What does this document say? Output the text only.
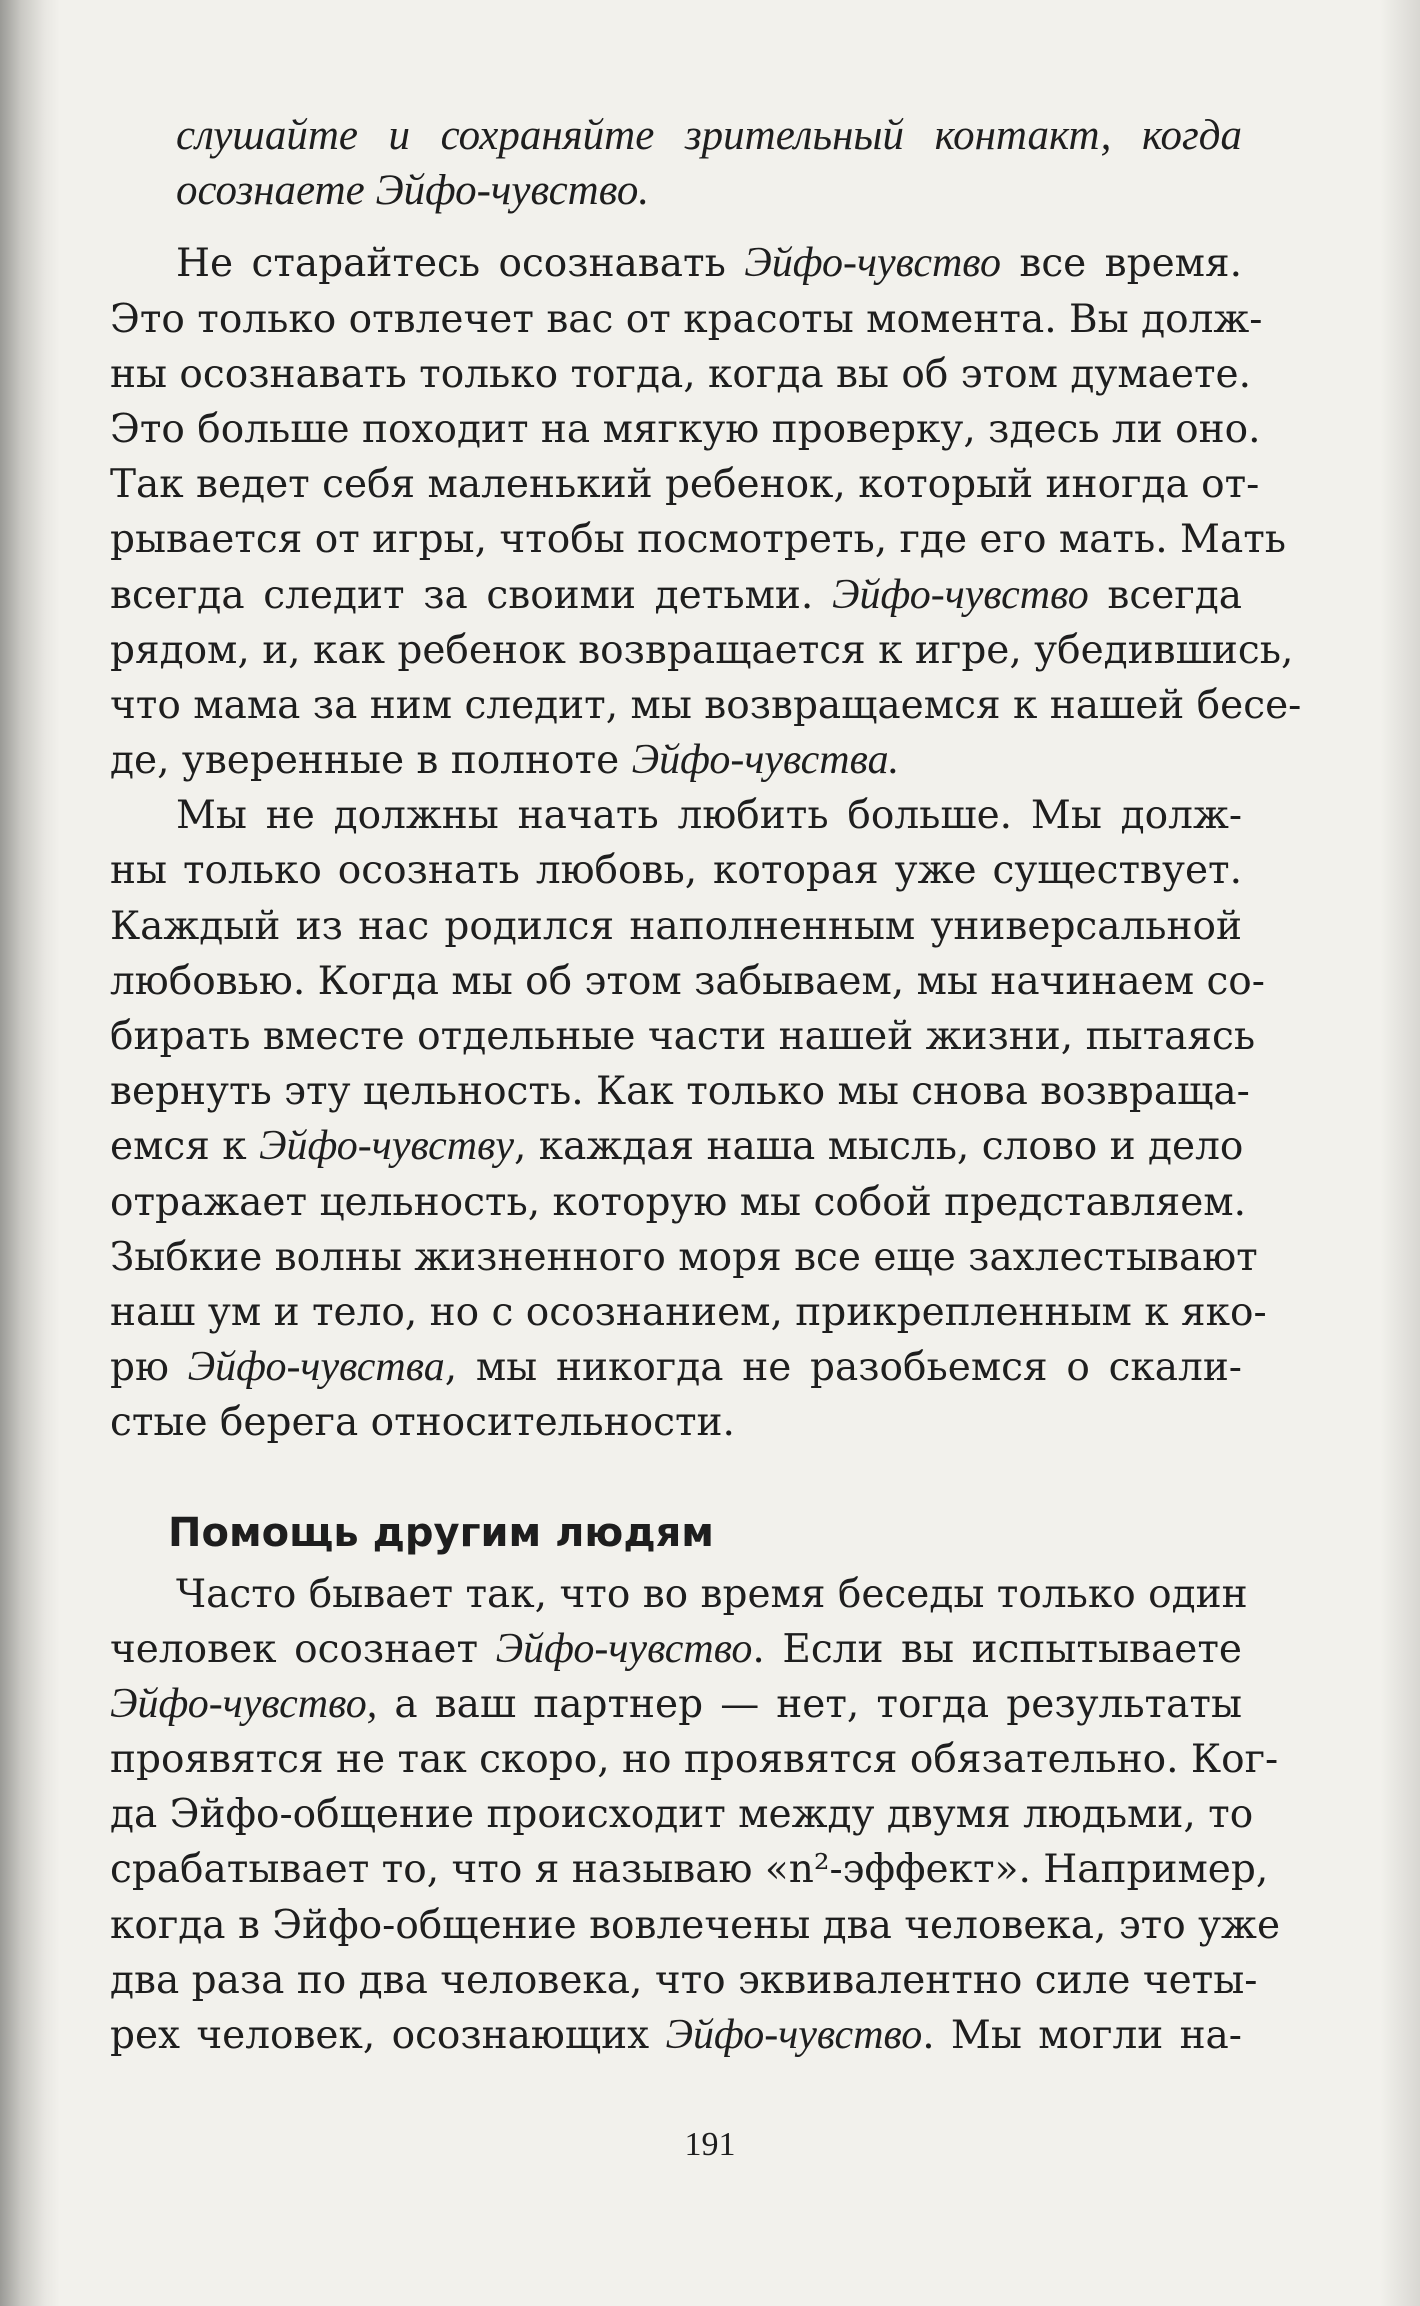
слушайте и сохраняйте зрительный контакт, когда
осознаете Эйфо-чувство.
Не старайтесь осознавать Эйфо-чувство все время.
Это только отвлечет вас от красоты момента. Вы долж-
ны осознавать только тогда, когда вы об этом думаете.
Это больше походит на мягкую проверку, здесь ли оно.
Так ведет себя маленький ребенок, который иногда от-
рывается от игры, чтобы посмотреть, где его мать. Мать
всегда следит за своими детьми. Эйфо-чувство всегда
рядом, и, как ребенок возвращается к игре, убедившись,
что мама за ним следит, мы возвращаемся к нашей бесе-
де, уверенные в полноте Эйфо-чувства.
Мы не должны начать любить больше. Мы долж-
ны только осознать любовь, которая уже существует.
Каждый из нас родился наполненным универсальной
любовью. Когда мы об этом забываем, мы начинаем со-
бирать вместе отдельные части нашей жизни, пытаясь
вернуть эту цельность. Как только мы снова возвраща-
емся к Эйфо-чувству, каждая наша мысль, слово и дело
отражает цельность, которую мы собой представляем.
Зыбкие волны жизненного моря все еще захлестывают
наш ум и тело, но с осознанием, прикрепленным к яко-
рю Эйфо-чувства, мы никогда не разобьемся о скали-
стые берега относительности.
Помощь другим людям
Часто бывает так, что во время беседы только один
человек осознает Эйфо-чувство. Если вы испытываете
Эйфо-чувство, а ваш партнер — нет, тогда результаты
проявятся не так скоро, но проявятся обязательно. Ког-
да Эйфо-общение происходит между двумя людьми, то
срабатывает то, что я называю «n²-эффект». Например,
когда в Эйфо-общение вовлечены два человека, это уже
два раза по два человека, что эквивалентно силе четы-
рех человек, осознающих Эйфо-чувство. Мы могли на-
191
